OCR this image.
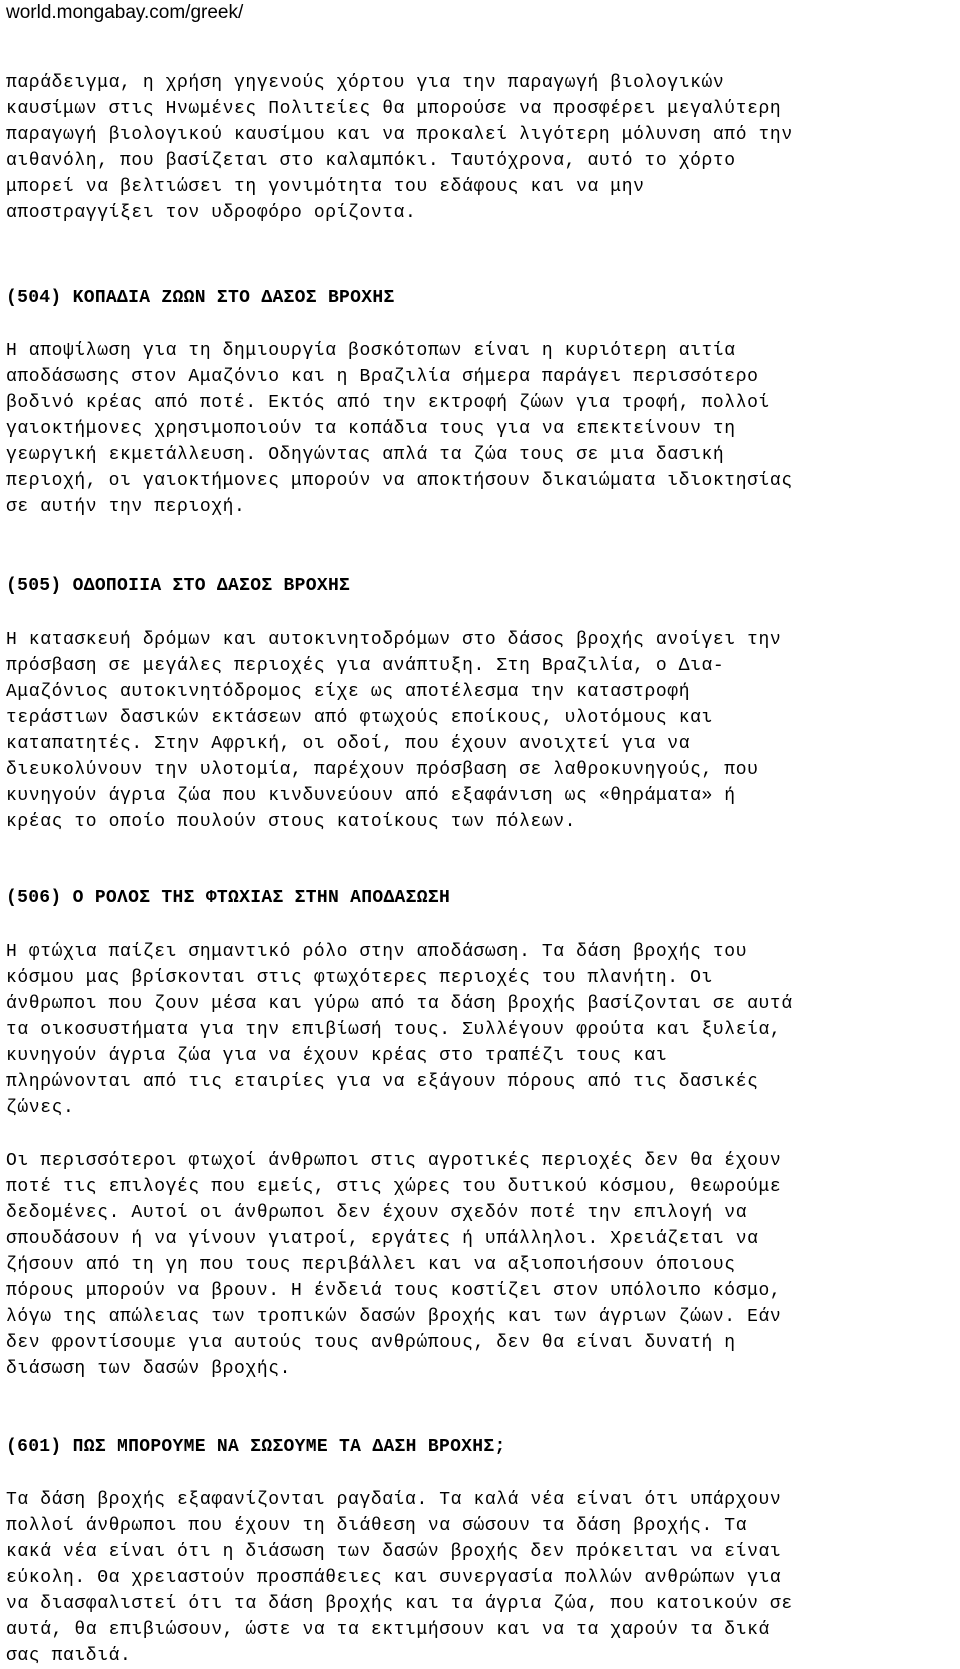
world.mongabay.com/greek/
παράδειγμα, η χρήση γηγενούς χόρτου για την παραγωγή βιολογικών
καυσίμων στις Ηνωμένες Πολιτείες θα μπορούσε να προσφέρει μεγαλύτερη
παραγωγή βιολογικού καυσίμου και να προκαλεί λιγότερη μόλυνση από την
αιθανόλη, που βασίζεται στο καλαμπόκι. Ταυτόχρονα, αυτό το χόρτο
μπορεί να βελτιώσει τη γονιμότητα του εδάφους και να μην
αποστραγγίξει τον υδροφόρο ορίζοντα.
(504) ΚΟΠΑΔΙΑ ΖΩΩΝ ΣΤΟ ΔΑΣΟΣ ΒΡΟΧΗΣ
Η αποψίλωση για τη δημιουργία βοσκότοπων είναι η κυριότερη αιτία
αποδάσωσης στον Αμαζόνιο και η Βραζιλία σήμερα παράγει περισσότερο
βοδινό κρέας από ποτέ. Εκτός από την εκτροφή ζώων για τροφή, πολλοί
γαιοκτήμονες χρησιμοποιούν τα κοπάδια τους για να επεκτείνουν τη
γεωργική εκμετάλλευση. Οδηγώντας απλά τα ζώα τους σε μια δασική
περιοχή, οι γαιοκτήμονες μπορούν να αποκτήσουν δικαιώματα ιδιοκτησίας
σε αυτήν την περιοχή.
(505) ΟΔΟΠΟΙΙΑ ΣΤΟ ΔΑΣΟΣ ΒΡΟΧΗΣ
Η κατασκευή δρόμων και αυτοκινητοδρόμων στο δάσος βροχής ανοίγει την
πρόσβαση σε μεγάλες περιοχές για ανάπτυξη. Στη Βραζιλία, ο Δια-
Αμαζόνιος αυτοκινητόδρομος είχε ως αποτέλεσμα την καταστροφή
τεράστιων δασικών εκτάσεων από φτωχούς εποίκους, υλοτόμους και
καταπατητές. Στην Αφρική, οι οδοί, που έχουν ανοιχτεί για να
διευκολύνουν την υλοτομία, παρέχουν πρόσβαση σε λαθροκυνηγούς, που
κυνηγούν άγρια ζώα που κινδυνεύουν από εξαφάνιση ως «θηράματα» ή
κρέας το οποίο πουλούν στους κατοίκους των πόλεων.
(506) Ο ΡΟΛΟΣ ΤΗΣ ΦΤΩΧΙΑΣ ΣΤΗΝ ΑΠΟΔΑΣΩΣΗ
Η φτώχια παίζει σημαντικό ρόλο στην αποδάσωση. Τα δάση βροχής του
κόσμου μας βρίσκονται στις φτωχότερες περιοχές του πλανήτη. Οι
άνθρωποι που ζουν μέσα και γύρω από τα δάση βροχής βασίζονται σε αυτά
τα οικοσυστήματα για την επιβίωσή τους. Συλλέγουν φρούτα και ξυλεία,
κυνηγούν άγρια ζώα για να έχουν κρέας στο τραπέζι τους και
πληρώνονται από τις εταιρίες για να εξάγουν πόρους από τις δασικές
ζώνες.
Οι περισσότεροι φτωχοί άνθρωποι στις αγροτικές περιοχές δεν θα έχουν
ποτέ τις επιλογές που εμείς, στις χώρες του δυτικού κόσμου, θεωρούμε
δεδομένες. Αυτοί οι άνθρωποι δεν έχουν σχεδόν ποτέ την επιλογή να
σπουδάσουν ή να γίνουν γιατροί, εργάτες ή υπάλληλοι. Χρειάζεται να
ζήσουν από τη γη που τους περιβάλλει και να αξιοποιήσουν όποιους
πόρους μπορούν να βρουν. Η ένδειά τους κοστίζει στον υπόλοιπο κόσμο,
λόγω της απώλειας των τροπικών δασών βροχής και των άγριων ζώων. Εάν
δεν φροντίσουμε για αυτούς τους ανθρώπους, δεν θα είναι δυνατή η
διάσωση των δασών βροχής.
(601) ΠΩΣ ΜΠΟΡΟΥΜΕ ΝΑ ΣΩΣΟΥΜΕ ΤΑ ΔΑΣΗ ΒΡΟΧΗΣ;
Τα δάση βροχής εξαφανίζονται ραγδαία. Τα καλά νέα είναι ότι υπάρχουν
πολλοί άνθρωποι που έχουν τη διάθεση να σώσουν τα δάση βροχής. Τα
κακά νέα είναι ότι η διάσωση των δασών βροχής δεν πρόκειται να είναι
εύκολη. Θα χρειαστούν προσπάθειες και συνεργασία πολλών ανθρώπων για
να διασφαλιστεί ότι τα δάση βροχής και τα άγρια ζώα, που κατοικούν σε
αυτά, θα επιβιώσουν, ώστε να τα εκτιμήσουν και να τα χαρούν τα δικά
σας παιδιά.
